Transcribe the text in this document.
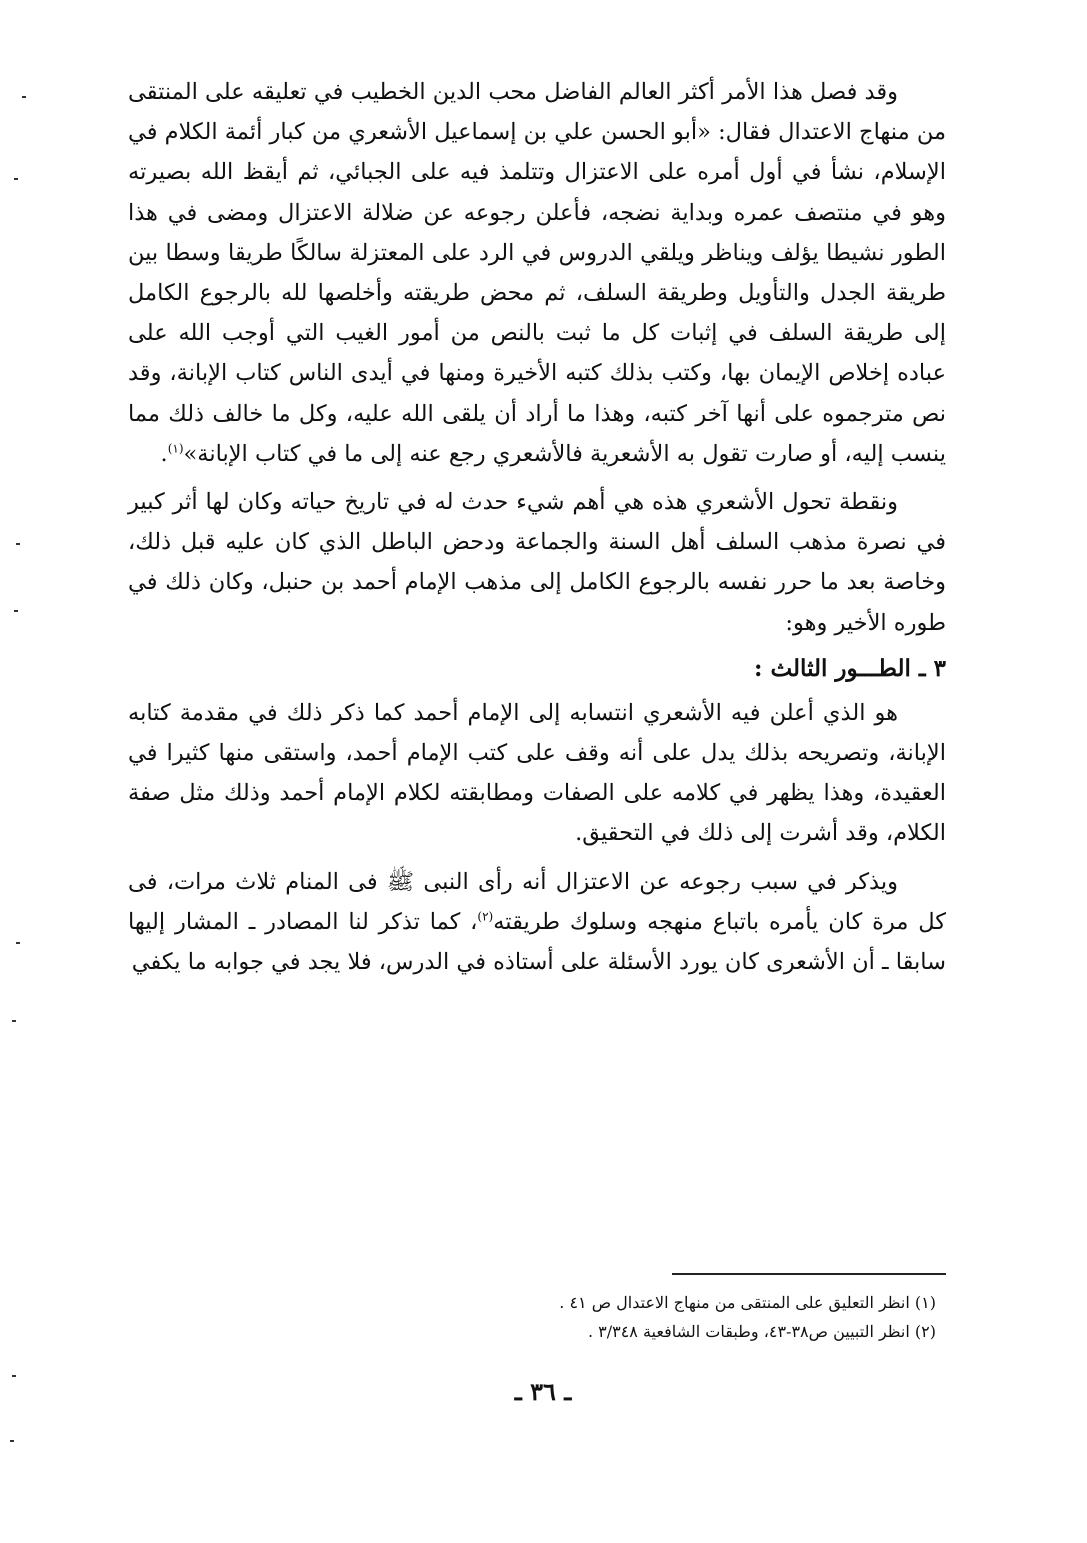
وقد فصل هذا الأمر أكثر العالم الفاضل محب الدين الخطيب في تعليقه على المنتقى من منهاج الاعتدال فقال: «أبو الحسن علي بن إسماعيل الأشعري من كبار أئمة الكلام في الإسلام، نشأ في أول أمره على الاعتزال وتتلمذ فيه على الجبائي، ثم أيقظ الله بصيرته وهو في منتصف عمره وبداية نضجه، فأعلن رجوعه عن ضلالة الاعتزال ومضى في هذا الطور نشيطا يؤلف ويناظر ويلقي الدروس في الرد على المعتزلة سالكًا طريقا وسطا بين طريقة الجدل والتأويل وطريقة السلف، ثم محض طريقته وأخلصها لله بالرجوع الكامل إلى طريقة السلف في إثبات كل ما ثبت بالنص من أمور الغيب التي أوجب الله على عباده إخلاص الإيمان بها، وكتب بذلك كتبه الأخيرة ومنها في أيدى الناس كتاب الإبانة، وقد نص مترجموه على أنها آخر كتبه، وهذا ما أراد أن يلقى الله عليه، وكل ما خالف ذلك مما ينسب إليه، أو صارت تقول به الأشعرية فالأشعري رجع عنه إلى ما في كتاب الإبانة»$^{(١)}$.

ونقطة تحول الأشعري هذه هي أهم شيء حدث له في تاريخ حياته وكان لها أثر كبير في نصرة مذهب السلف أهل السنة والجماعة ودحض الباطل الذي كان عليه قبل ذلك، وخاصة بعد ما حرر نفسه بالرجوع الكامل إلى مذهب الإمام أحمد بن حنبل، وكان ذلك في طوره الأخير وهو:

٣ ـ الطـــور الثالث :

هو الذي أعلن فيه الأشعري انتسابه إلى الإمام أحمد كما ذكر ذلك في مقدمة كتابه الإبانة، وتصريحه بذلك يدل على أنه وقف على كتب الإمام أحمد، واستقى منها كثيرا في العقيدة، وهذا يظهر في كلامه على الصفات ومطابقته لكلام الإمام أحمد وذلك مثل صفة الكلام، وقد أشرت إلى ذلك في التحقيق.

ويذكر في سبب رجوعه عن الاعتزال أنه رأى النبى ﷺ فى المنام ثلاث مرات، فى كل مرة كان يأمره باتباع منهجه وسلوك طريقته$^{(٢)}$، كما تذكر لنا المصادر ـ المشار إليها سابقا ـ أن الأشعرى كان يورد الأسئلة على أستاذه في الدرس، فلا يجد في جوابه ما يكفي

(١) انظر التعليق على المنتقى من منهاج الاعتدال ص ٤١ .

(٢) انظر التبيين ص٣٨-٤٣، وطبقات الشافعية ٣/٣٤٨ .

ـ ٣٦ ـ
